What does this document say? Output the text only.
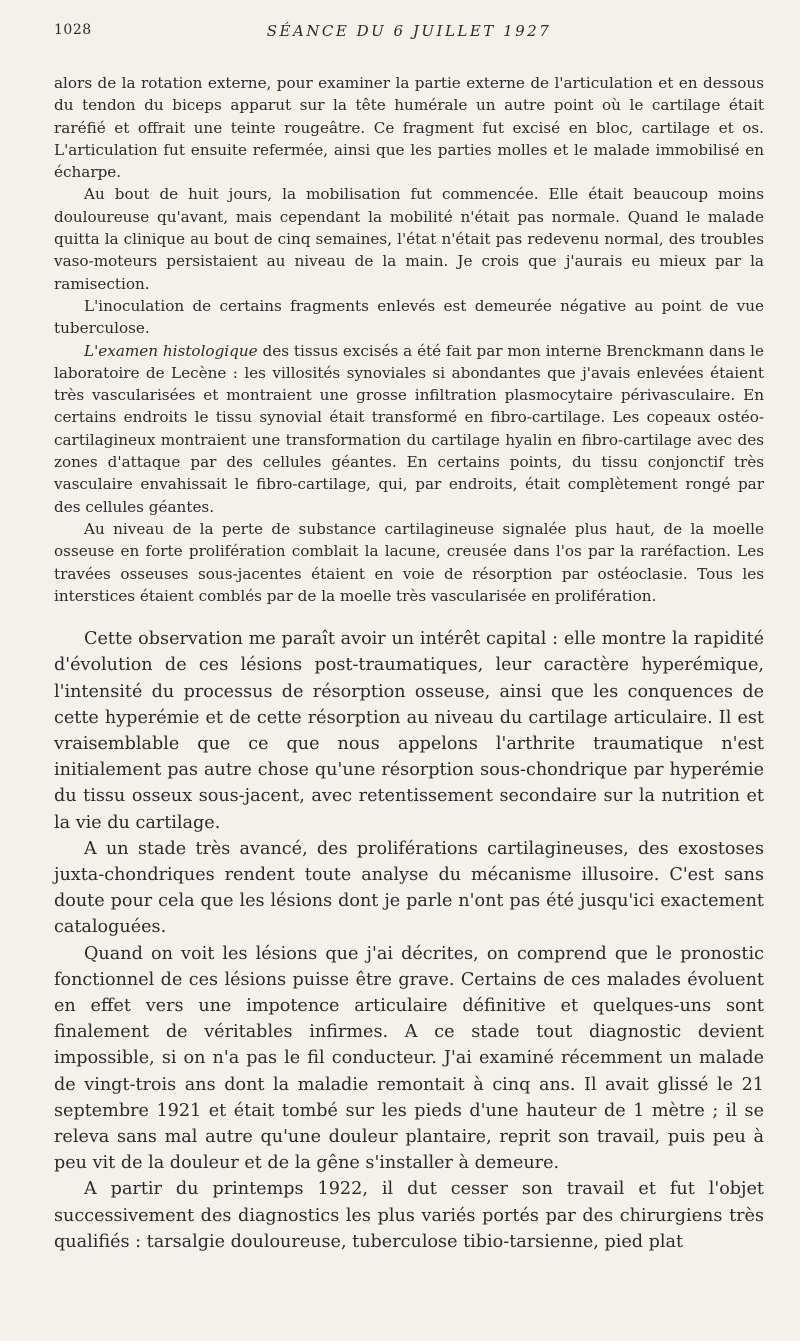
1028	SÉANCE DU 6 JUILLET 1927

alors de la rotation externe, pour examiner la partie externe de l'articulation et en dessous du tendon du biceps apparut sur la tête humérale un autre point où le cartilage était raréfié et offrait une teinte rougeâtre. Ce fragment fut excisé en bloc, cartilage et os. L'articulation fut ensuite refermée, ainsi que les parties molles et le malade immobilisé en écharpe.

Au bout de huit jours, la mobilisation fut commencée. Elle était beaucoup moins douloureuse qu'avant, mais cependant la mobilité n'était pas normale. Quand le malade quitta la clinique au bout de cinq semaines, l'état n'était pas redevenu normal, des troubles vaso-moteurs persistaient au niveau de la main. Je crois que j'aurais eu mieux par la ramisection.

L'inoculation de certains fragments enlevés est demeurée négative au point de vue tuberculose.

L'examen histologique des tissus excisés a été fait par mon interne Brenckmann dans le laboratoire de Lecène : les villosités synoviales si abondantes que j'avais enlevées étaient très vascularisées et montraient une grosse infiltration plasmocytaire périvasculaire. En certains endroits le tissu synovial était transformé en fibro-cartilage. Les copeaux ostéo-cartilagineux montraient une transformation du cartilage hyalin en fibro-cartilage avec des zones d'attaque par des cellules géantes. En certains points, du tissu conjonctif très vasculaire envahissait le fibro-cartilage, qui, par endroits, était complètement rongé par des cellules géantes.

Au niveau de la perte de substance cartilagineuse signalée plus haut, de la moelle osseuse en forte prolifération comblait la lacune, creusée dans l'os par la raréfaction. Les travées osseuses sous-jacentes étaient en voie de résorption par ostéoclasie. Tous les interstices étaient comblés par de la moelle très vascularisée en prolifération.

Cette observation me paraît avoir un intérêt capital : elle montre la rapidité d'évolution de ces lésions post-traumatiques, leur caractère hyperémique, l'intensité du processus de résorption osseuse, ainsi que les conquences de cette hyperémie et de cette résorption au niveau du cartilage articulaire. Il est vraisemblable que ce que nous appelons l'arthrite traumatique n'est initialement pas autre chose qu'une résorption sous-chondrique par hyperémie du tissu osseux sous-jacent, avec retentissement secondaire sur la nutrition et la vie du cartilage.

A un stade très avancé, des proliférations cartilagineuses, des exostoses juxta-chondriques rendent toute analyse du mécanisme illusoire. C'est sans doute pour cela que les lésions dont je parle n'ont pas été jusqu'ici exactement cataloguées.

Quand on voit les lésions que j'ai décrites, on comprend que le pronostic fonctionnel de ces lésions puisse être grave. Certains de ces malades évoluent en effet vers une impotence articulaire définitive et quelques-uns sont finalement de véritables infirmes. A ce stade tout diagnostic devient impossible, si on n'a pas le fil conducteur. J'ai examiné récemment un malade de vingt-trois ans dont la maladie remontait à cinq ans. Il avait glissé le 21 septembre 1921 et était tombé sur les pieds d'une hauteur de 1 mètre ; il se releva sans mal autre qu'une douleur plantaire, reprit son travail, puis peu à peu vit de la douleur et de la gêne s'installer à demeure.

A partir du printemps 1922, il dut cesser son travail et fut l'objet successivement des diagnostics les plus variés portés par des chirurgiens très qualifiés : tarsalgie douloureuse, tuberculose tibio-tarsienne, pied plat
